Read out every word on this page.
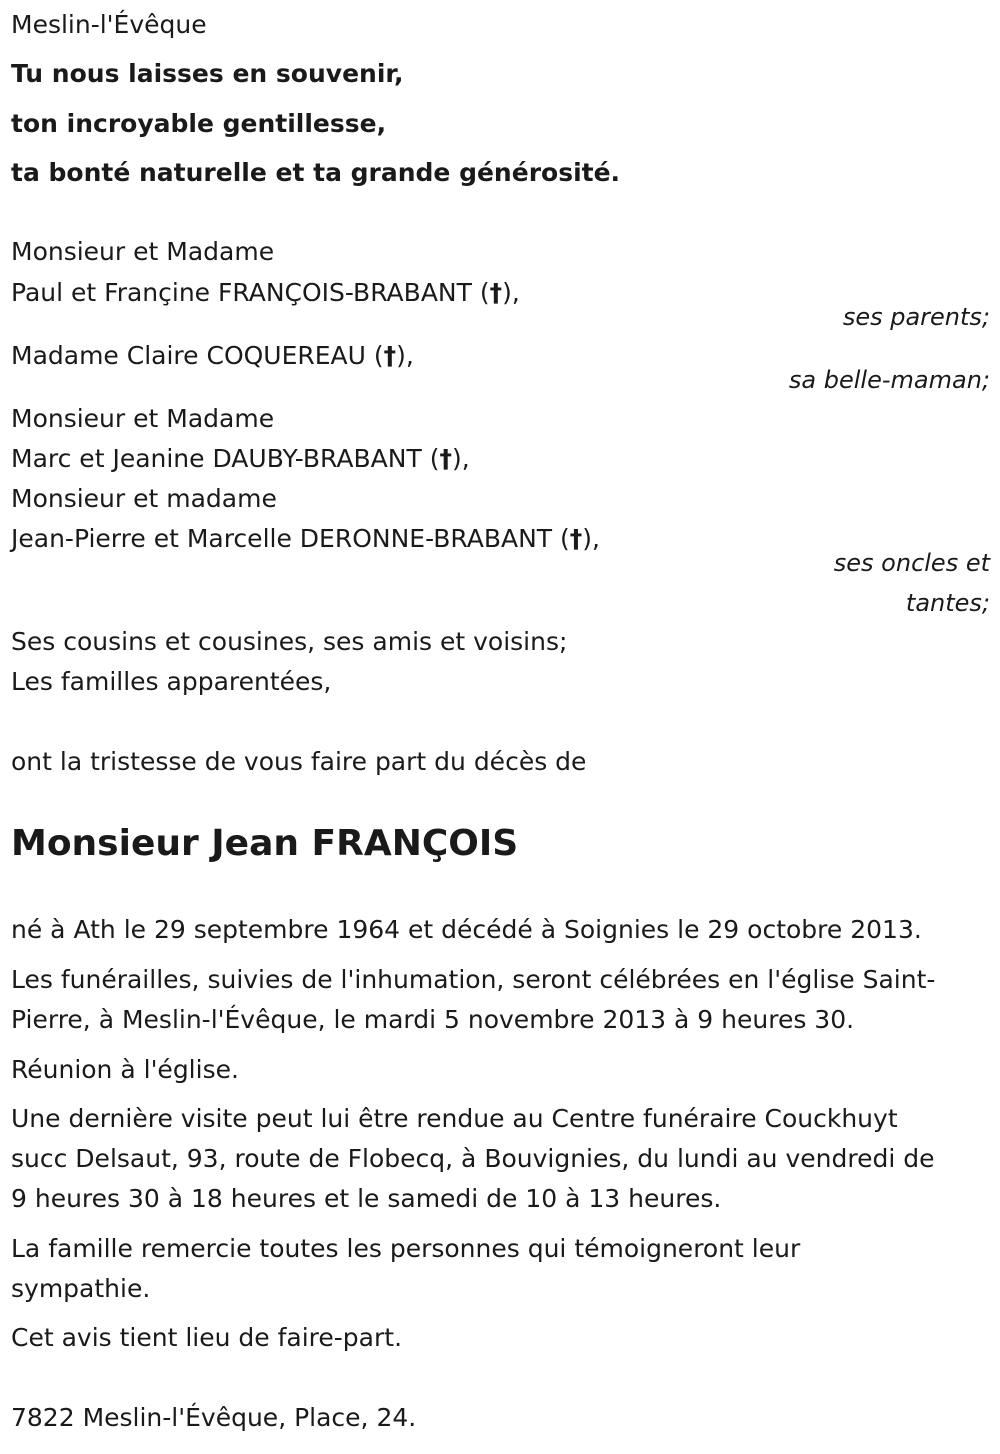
Meslin-l'Évêque
Tu nous laisses en souvenir,
ton incroyable gentillesse,
ta bonté naturelle et ta grande générosité.
Monsieur et Madame
Paul et Françine FRANÇOIS-BRABANT (†),
ses parents;
Madame Claire COQUEREAU (†),
sa belle-maman;
Monsieur et Madame
Marc et Jeanine DAUBY-BRABANT (†),
Monsieur et madame
Jean-Pierre et Marcelle DERONNE-BRABANT (†),
ses oncles et
tantes;
Ses cousins et cousines, ses amis et voisins;
Les familles apparentées,
ont la tristesse de vous faire part du décès de
Monsieur Jean FRANÇOIS
né à Ath le 29 septembre 1964 et décédé à Soignies le 29 octobre 2013.
Les funérailles, suivies de l'inhumation, seront célébrées en l'église Saint-
Pierre, à Meslin-l'Évêque, le mardi 5 novembre 2013 à 9 heures 30.
Réunion à l'église.
Une dernière visite peut lui être rendue au Centre funéraire Couckhuyt
succ Delsaut, 93, route de Flobecq, à Bouvignies, du lundi au vendredi de
9 heures 30 à 18 heures et le samedi de 10 à 13 heures.
La famille remercie toutes les personnes qui témoigneront leur
sympathie.
Cet avis tient lieu de faire-part.
7822 Meslin-l'Évêque, Place, 24.
